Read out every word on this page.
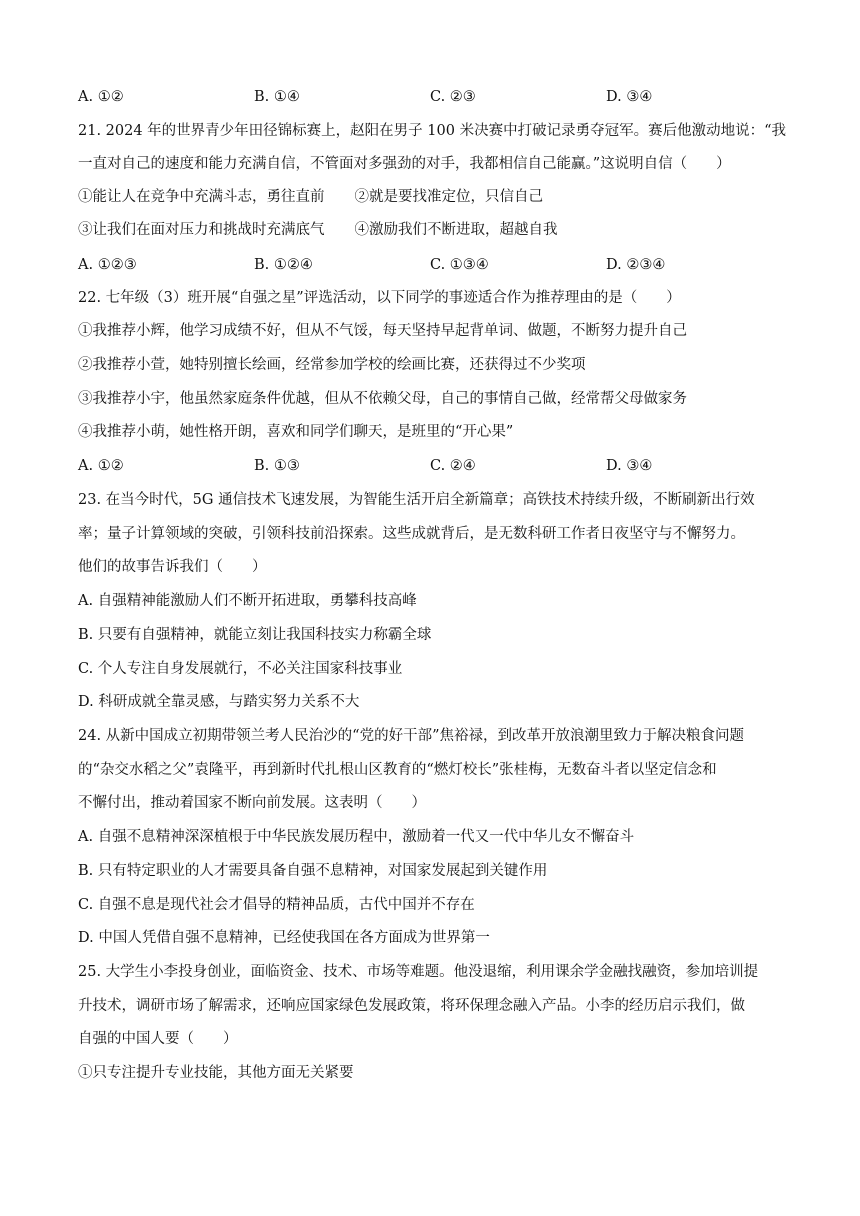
A. ①②	B. ①④	C. ②③	D. ③④
21. 2024 年的世界青少年田径锦标赛上，赵阳在男子 100 米决赛中打破记录勇夺冠军。赛后他激动地说：“我
一直对自己的速度和能力充满自信，不管面对多强劲的对手，我都相信自己能赢。”这说明自信（　　）
①能让人在竞争中充满斗志，勇往直前 ②就是要找准定位，只信自己
③让我们在面对压力和挑战时充满底气 ④激励我们不断进取，超越自我
A. ①②③	B. ①②④	C. ①③④	D. ②③④
22. 七年级（3）班开展“自强之星”评选活动，以下同学的事迹适合作为推荐理由的是（　　）
①我推荐小辉，他学习成绩不好，但从不气馁，每天坚持早起背单词、做题，不断努力提升自己
②我推荐小萱，她特别擅长绘画，经常参加学校的绘画比赛，还获得过不少奖项
③我推荐小宇，他虽然家庭条件优越，但从不依赖父母，自己的事情自己做，经常帮父母做家务
④我推荐小萌，她性格开朗，喜欢和同学们聊天，是班里的“开心果”
A. ①②	B. ①③	C. ②④	D. ③④
23. 在当今时代，5G 通信技术飞速发展，为智能生活开启全新篇章；高铁技术持续升级，不断刷新出行效
率；量子计算领域的突破，引领科技前沿探索。这些成就背后，是无数科研工作者日夜坚守与不懈努力。
他们的故事告诉我们（　　）
A. 自强精神能激励人们不断开拓进取，勇攀科技高峰
B. 只要有自强精神，就能立刻让我国科技实力称霸全球
C. 个人专注自身发展就行，不必关注国家科技事业
D. 科研成就全靠灵感，与踏实努力关系不大
24. 从新中国成立初期带领兰考人民治沙的“党的好干部”焦裕禄，到改革开放浪潮里致力于解决粮食问题
的“杂交水稻之父”袁隆平，再到新时代扎根山区教育的“燃灯校长”张桂梅，无数奋斗者以坚定信念和
不懈付出，推动着国家不断向前发展。这表明（　　）
A. 自强不息精神深深植根于中华民族发展历程中，激励着一代又一代中华儿女不懈奋斗
B. 只有特定职业的人才需要具备自强不息精神，对国家发展起到关键作用
C. 自强不息是现代社会才倡导的精神品质，古代中国并不存在
D. 中国人凭借自强不息精神，已经使我国在各方面成为世界第一
25. 大学生小李投身创业，面临资金、技术、市场等难题。他没退缩，利用课余学金融找融资，参加培训提
升技术，调研市场了解需求，还响应国家绿色发展政策，将环保理念融入产品。小李的经历启示我们，做
自强的中国人要（　　）
①只专注提升专业技能，其他方面无关紧要
